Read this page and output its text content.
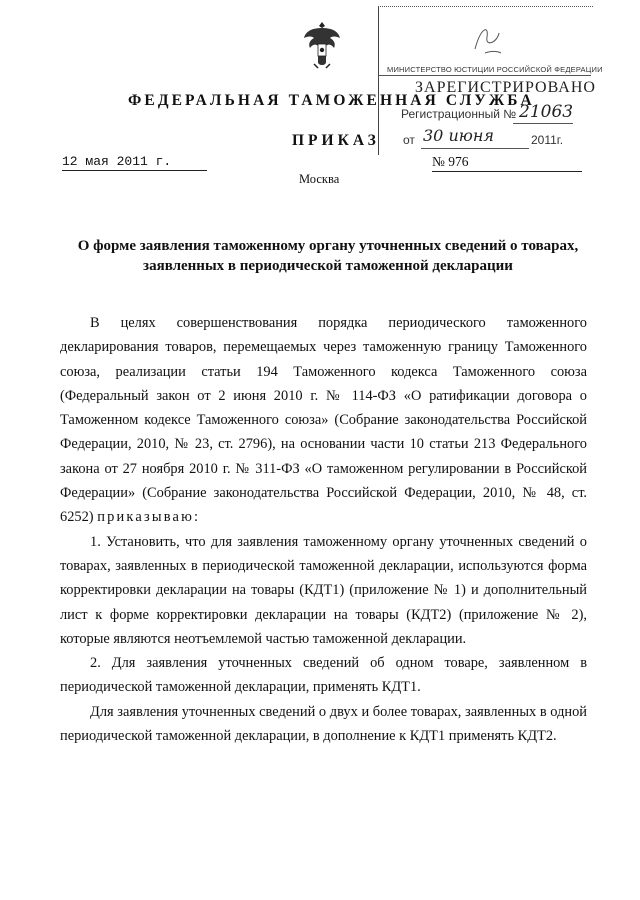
МИНИСТЕРСТВО ЮСТИЦИИ РОССИЙСКОЙ ФЕДЕРАЦИИ
ЗАРЕГИСТРИРОВАНО
Регистрационный № 21063
от 30 июня	2011г.
ФЕДЕРАЛЬНАЯ ТАМОЖЕННАЯ СЛУЖБА
ПРИКАЗ
12 мая 2011 г.	№ 976
Москва
О форме заявления таможенному органу уточненных сведений о товарах, заявленных в периодической таможенной декларации

В целях совершенствования порядка периодического таможенного декларирования товаров, перемещаемых через таможенную границу Таможенного союза, реализации статьи 194 Таможенного кодекса Таможенного союза (Федеральный закон от 2 июня 2010 г. № 114-ФЗ «О ратификации договора о Таможенном кодексе Таможенного союза» (Собрание законодательства Российской Федерации, 2010, № 23, ст. 2796), на основании части 10 статьи 213 Федерального закона от 27 ноября 2010 г. № 311-ФЗ «О таможенном регулировании в Российской Федерации» (Собрание законодательства Российской Федерации, 2010, № 48, ст. 6252) приказываю:

1. Установить, что для заявления таможенному органу уточненных сведений о товарах, заявленных в периодической таможенной декларации, используются форма корректировки декларации на товары (КДТ1) (приложение № 1) и дополнительный лист к форме корректировки декларации на товары (КДТ2) (приложение № 2), которые являются неотъемлемой частью таможенной декларации.

2. Для заявления уточненных сведений об одном товаре, заявленном в периодической таможенной декларации, применять КДТ1.

Для заявления уточненных сведений о двух и более товарах, заявленных в одной периодической таможенной декларации, в дополнение к КДТ1 применять КДТ2.
